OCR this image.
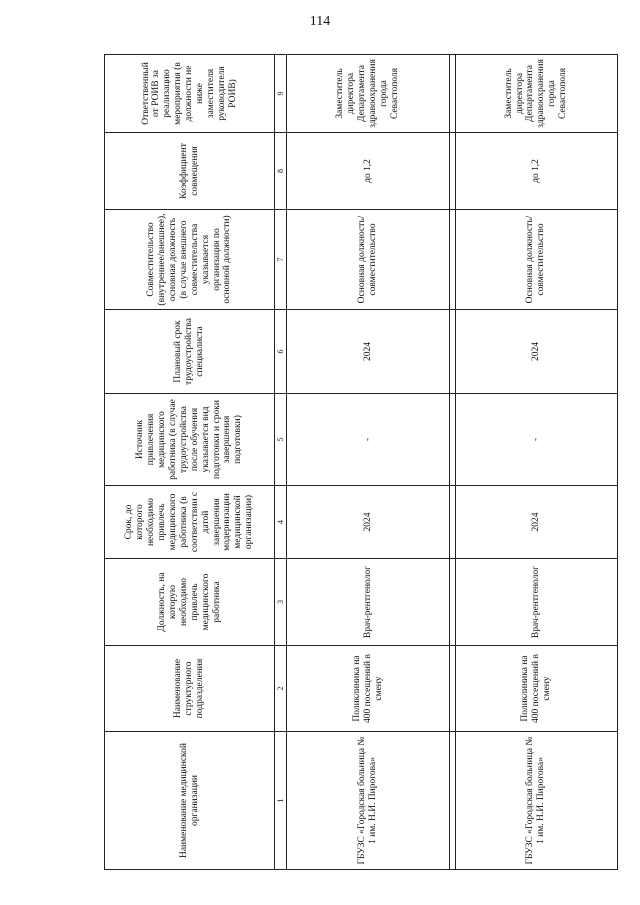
114
Наименование медицинской организации	Наименование структурного подразделения	Должность, на которую необходимо привлечь медицинского работника	Срок, до которого необходимо привлечь медицинского работника (в соответствии с датой завершения модернизации медицинской организации)	Источник привлечения медицинского работника (в случае трудоустройства после обучения указывается вид подготовки и сроки завершения подготовки)	Плановый срок трудоустройства специалиста	Совместительство (внутреннее/внешнее), основная должность (в случае внешнего совместительства указывается организация по основной должности)	Коэффициент совмещения	Ответственный от РОИВ за реализацию мероприятия (в должности не ниже заместителя руководителя РОИВ)
1	2	3	4	5	6	7	8	9
ГБУЗС «Городская больница № 1 им. Н.И. Пирогова»	Поликлиника на 400 посещений в смену	Врач-рентгенолог	2024	-	2024	Основная должность/ совместительство	до 1,2	Заместитель директора Департамента здравоохранения города Севастополя

ГБУЗС «Городская больница № 1 им. Н.И. Пирогова»	Поликлиника на 400 посещений в смену	Врач-рентгенолог	2024	-	2024	Основная должность/ совместительство	до 1,2	Заместитель директора Департамента здравоохранения города Севастополя
